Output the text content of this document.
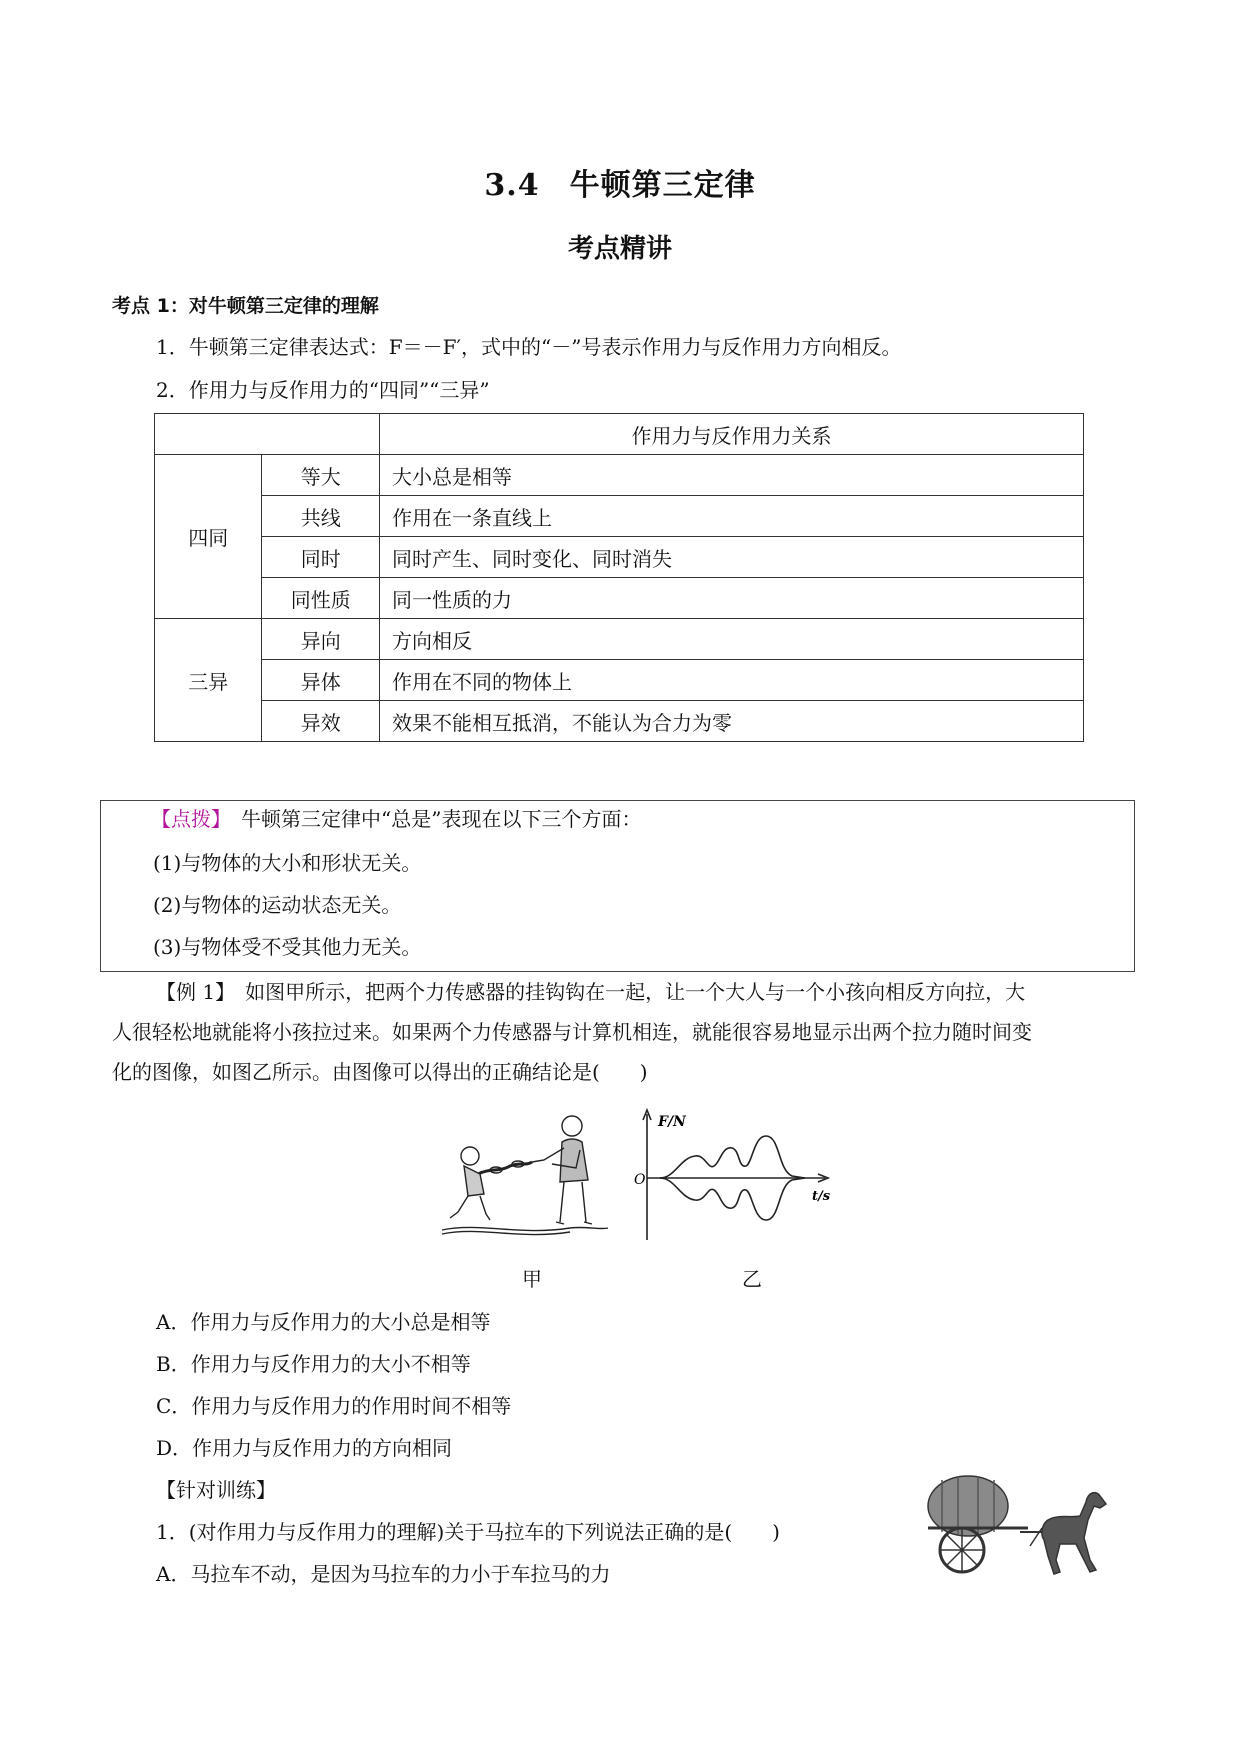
3.4 牛顿第三定律
考点精讲
考点 1：对牛顿第三定律的理解
1．牛顿第三定律表达式：F＝－F′，式中的“－”号表示作用力与反作用力方向相反。
2．作用力与反作用力的“四同”“三异”
		作用力与反作用力关系
四同	等大	大小总是相等
	共线	作用在一条直线上
	同时	同时产生、同时变化、同时消失
	同性质	同一性质的力
三异	异向	方向相反
	异体	作用在不同的物体上
	异效	效果不能相互抵消，不能认为合力为零
【点拨】　 牛顿第三定律中“总是”表现在以下三个方面：
(1)与物体的大小和形状无关。
(2)与物体的运动状态无关。
(3)与物体受不受其他力无关。
【例 1】　如图甲所示，把两个力传感器的挂钩钩在一起，让一个大人与一个小孩向相反方向拉，大
人很轻松地就能将小孩拉过来。如果两个力传感器与计算机相连，就能很容易地显示出两个拉力随时间变
化的图像，如图乙所示。由图像可以得出的正确结论是(　　)
F/N
O
t/s
甲	乙
A．作用力与反作用力的大小总是相等
B．作用力与反作用力的大小不相等
C．作用力与反作用力的作用时间不相等
D．作用力与反作用力的方向相同
【针对训练】
1．(对作用力与反作用力的理解)关于马拉车的下列说法正确的是(　　)
A．马拉车不动，是因为马拉车的力小于车拉马的力
